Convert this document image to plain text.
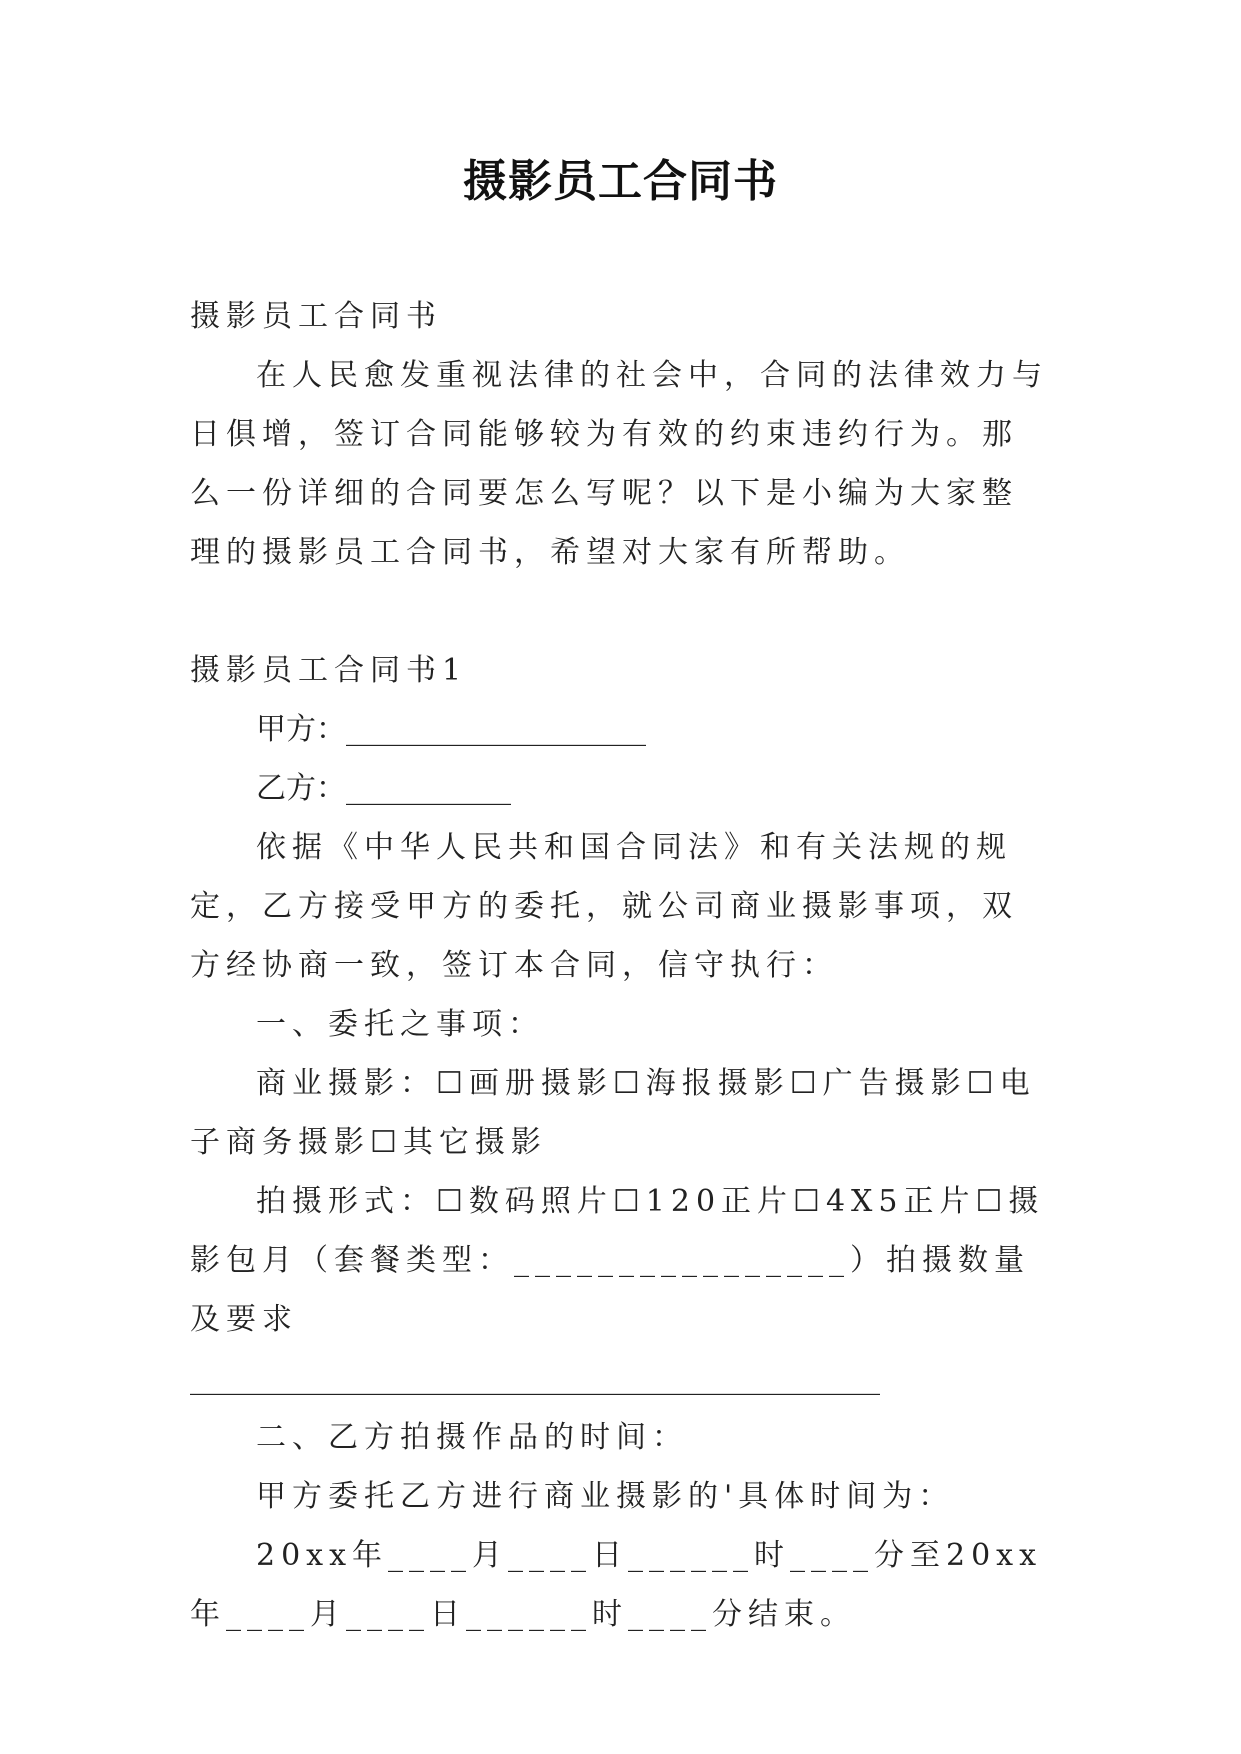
摄影员工合同书

摄影员工合同书

在人民愈发重视法律的社会中，合同的法律效力与日俱增，签订合同能够较为有效的约束违约行为。那么一份详细的合同要怎么写呢？以下是小编为大家整理的摄影员工合同书，希望对大家有所帮助。

摄影员工合同书1

甲方：____________________

乙方：___________

依据《中华人民共和国合同法》和有关法规的规定，乙方接受甲方的委托，就公司商业摄影事项，双方经协商一致，签订本合同，信守执行：

一、委托之事项：

商业摄影：☐画册摄影☐海报摄影☐广告摄影☐电子商务摄影☐其它摄影

拍摄形式：☐数码照片☐120正片☐4X5正片☐摄影包月（套餐类型：________________）拍摄数量及要求

______________________________________________

二、乙方拍摄作品的时间：

甲方委托乙方进行商业摄影的'具体时间为：

20xx年____月____日______时____分至20xx年____月____日______时____分结束。
